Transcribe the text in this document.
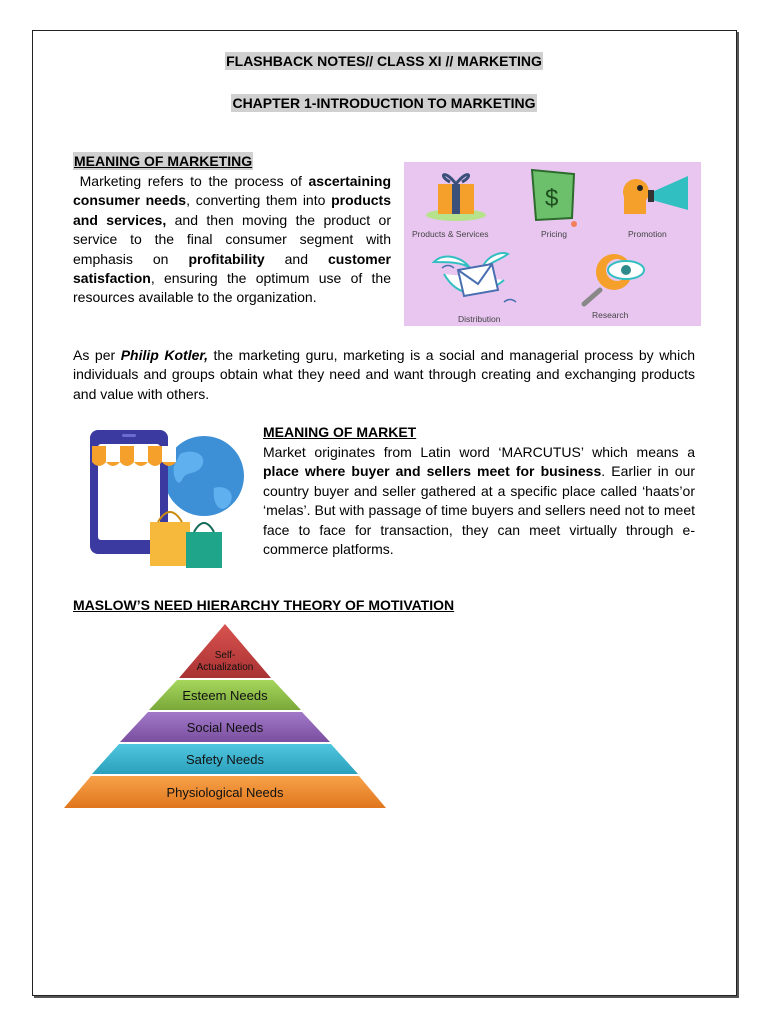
FLASHBACK NOTES// CLASS XI // MARKETING
CHAPTER 1-INTRODUCTION TO MARKETING
MEANING OF MARKETING
Marketing refers to the process of ascertaining consumer needs, converting them into products and services, and then moving the product or service to the final consumer segment with emphasis on profitability and customer satisfaction, ensuring the optimum use of the resources available to the organization.
Products & Services
$
Pricing	Promotion
Distribution	Research
As per Philip Kotler, the marketing guru, marketing is a social and managerial process by which individuals and groups obtain what they need and want through creating and exchanging products and value with others.
MEANING OF MARKET
Market originates from Latin word ‘MARCUTUS’ which means a place where buyer and sellers meet for business. Earlier in our country buyer and seller gathered at a specific place called ‘haats’or ‘melas’. But with passage of time buyers and sellers need not to meet face to face for transaction, they can meet virtually through e-commerce platforms.
MASLOW’S NEED HIERARCHY THEORY OF MOTIVATION
Self-
Actualization
Esteem Needs
Social Needs
Safety Needs
Physiological Needs
